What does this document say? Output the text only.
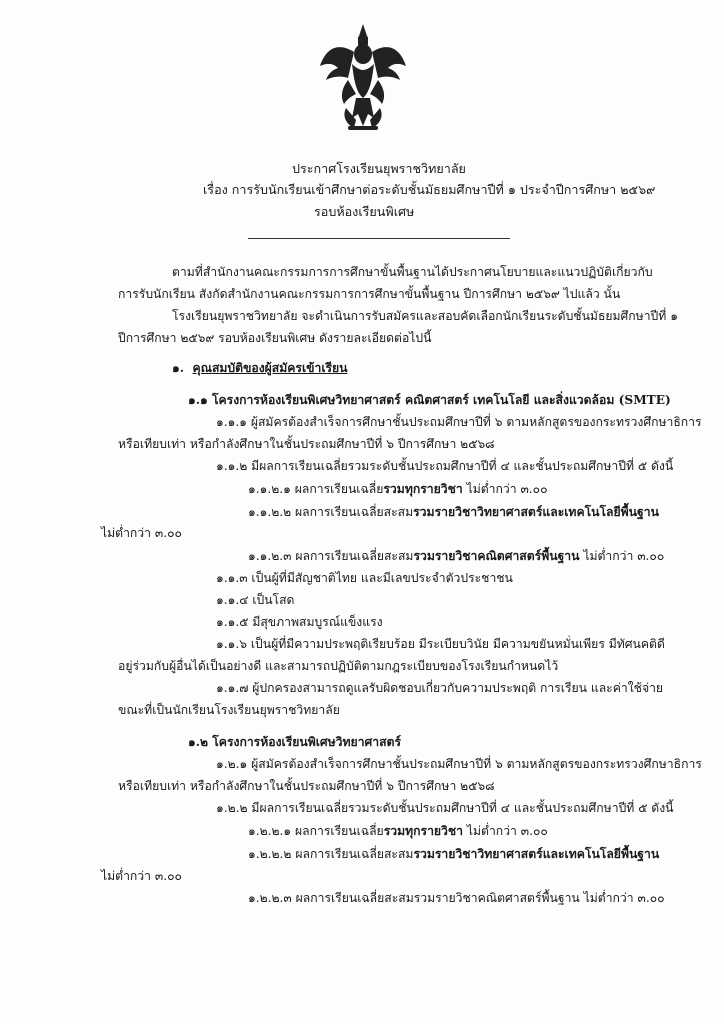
ประกาศโรงเรียนยุพราชวิทยาลัย
เรื่อง การรับนักเรียนเข้าศึกษาต่อระดับชั้นมัธยมศึกษาปีที่ ๑ ประจำปีการศึกษา ๒๕๖๙
รอบห้องเรียนพิเศษ
ตามที่สำนักงานคณะกรรมการการศึกษาขั้นพื้นฐานได้ประกาศนโยบายและแนวปฏิบัติเกี่ยวกับ
การรับนักเรียน สังกัดสำนักงานคณะกรรมการการศึกษาขั้นพื้นฐาน ปีการศึกษา ๒๕๖๙ ไปแล้ว นั้น
โรงเรียนยุพราชวิทยาลัย จะดำเนินการรับสมัครและสอบคัดเลือกนักเรียนระดับชั้นมัธยมศึกษาปีที่ ๑
ปีการศึกษา ๒๕๖๙ รอบห้องเรียนพิเศษ ดังรายละเอียดต่อไปนี้
๑. คุณสมบัติของผู้สมัครเข้าเรียน
๑.๑ โครงการห้องเรียนพิเศษวิทยาศาสตร์ คณิตศาสตร์ เทคโนโลยี และสิ่งแวดล้อม (SMTE)
๑.๑.๑ ผู้สมัครต้องสำเร็จการศึกษาชั้นประถมศึกษาปีที่ ๖ ตามหลักสูตรของกระทรวงศึกษาธิการ
หรือเทียบเท่า หรือกำลังศึกษาในชั้นประถมศึกษาปีที่ ๖ ปีการศึกษา ๒๕๖๘
๑.๑.๒ มีผลการเรียนเฉลี่ยรวมระดับชั้นประถมศึกษาปีที่ ๔ และชั้นประถมศึกษาปีที่ ๕ ดังนี้
๑.๑.๒.๑ ผลการเรียนเฉลี่ยรวมทุกรายวิชา ไม่ต่ำกว่า ๓.๐๐
๑.๑.๒.๒ ผลการเรียนเฉลี่ยสะสมรวมรายวิชาวิทยาศาสตร์และเทคโนโลยีพื้นฐาน
ไม่ต่ำกว่า ๓.๐๐
๑.๑.๒.๓ ผลการเรียนเฉลี่ยสะสมรวมรายวิชาคณิตศาสตร์พื้นฐาน ไม่ต่ำกว่า ๓.๐๐
๑.๑.๓ เป็นผู้ที่มีสัญชาติไทย และมีเลขประจำตัวประชาชน
๑.๑.๔ เป็นโสด
๑.๑.๕ มีสุขภาพสมบูรณ์แข็งแรง
๑.๑.๖ เป็นผู้ที่มีความประพฤติเรียบร้อย มีระเบียบวินัย มีความขยันหมั่นเพียร มีทัศนคติดี
อยู่ร่วมกับผู้อื่นได้เป็นอย่างดี และสามารถปฏิบัติตามกฎระเบียบของโรงเรียนกำหนดไว้
๑.๑.๗ ผู้ปกครองสามารถดูแลรับผิดชอบเกี่ยวกับความประพฤติ การเรียน และค่าใช้จ่าย
ขณะที่เป็นนักเรียนโรงเรียนยุพราชวิทยาลัย
๑.๒ โครงการห้องเรียนพิเศษวิทยาศาสตร์
๑.๒.๑ ผู้สมัครต้องสำเร็จการศึกษาชั้นประถมศึกษาปีที่ ๖ ตามหลักสูตรของกระทรวงศึกษาธิการ
หรือเทียบเท่า หรือกำลังศึกษาในชั้นประถมศึกษาปีที่ ๖ ปีการศึกษา ๒๕๖๘
๑.๒.๒ มีผลการเรียนเฉลี่ยรวมระดับชั้นประถมศึกษาปีที่ ๔ และชั้นประถมศึกษาปีที่ ๕ ดังนี้
๑.๒.๒.๑ ผลการเรียนเฉลี่ยรวมทุกรายวิชา ไม่ต่ำกว่า ๓.๐๐
๑.๒.๒.๒ ผลการเรียนเฉลี่ยสะสมรวมรายวิชาวิทยาศาสตร์และเทคโนโลยีพื้นฐาน
ไม่ต่ำกว่า ๓.๐๐
๑.๒.๒.๓ ผลการเรียนเฉลี่ยสะสมรวมรายวิชาคณิตศาสตร์พื้นฐาน ไม่ต่ำกว่า ๓.๐๐
